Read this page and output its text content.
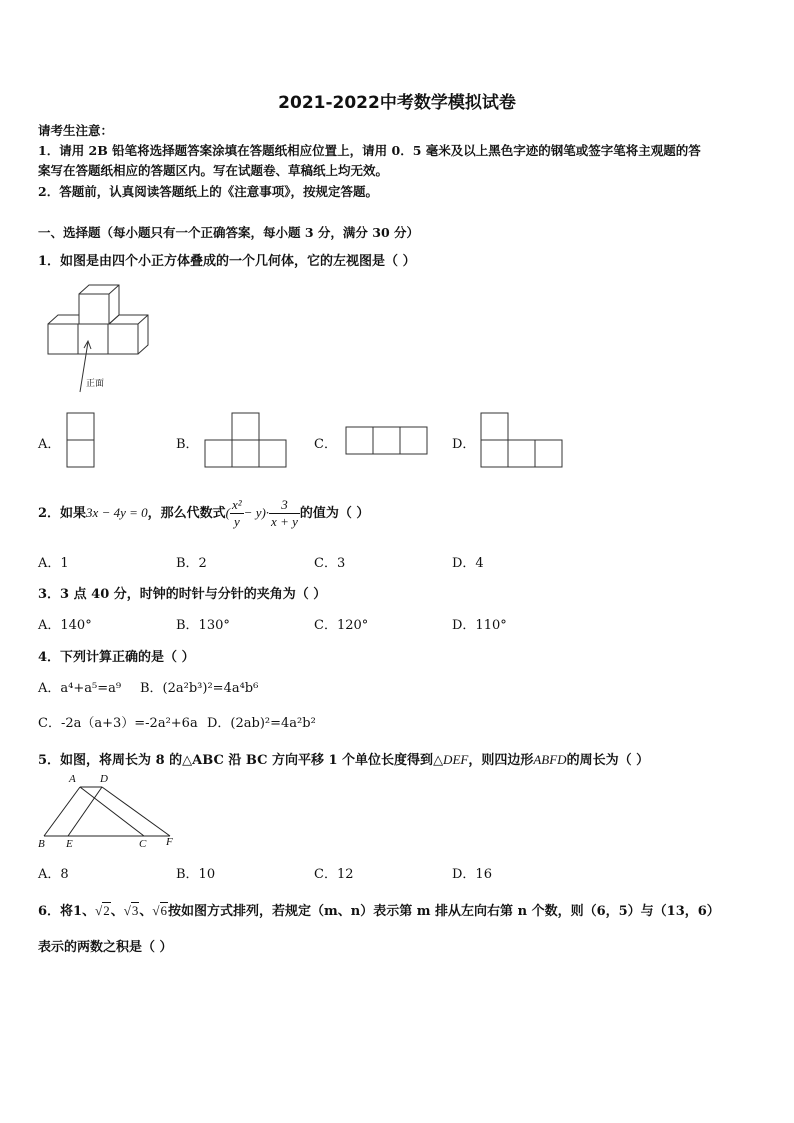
2021-2022中考数学模拟试卷
请考生注意：
1．请用 2B 铅笔将选择题答案涂填在答题纸相应位置上，请用 0．5 毫米及以上黑色字迹的钢笔或签字笔将主观题的答
案写在答题纸相应的答题区内。写在试题卷、草稿纸上均无效。
2．答题前，认真阅读答题纸上的《注意事项》，按规定答题。
一、选择题（每小题只有一个正确答案，每小题 3 分，满分 30 分）
1．如图是由四个小正方体叠成的一个几何体，它的左视图是（ ）
正面
A．	B．	C．	D．
2．如果3x − 4y = 0，那么代数式( $\frac{\text{x²}}{y} - y)\cdot \frac{3}{x + y}$ 的值为（ ）
A．1	B．2	C．3	D．4
3．3 点 40 分，时钟的时针与分针的夹角为（ ）
A．140°	B．130°	C．120°	D．110°
4．下列计算正确的是（ ）
A．a⁴+a⁵=a⁹ B．(2a²b³)²=4a⁴b⁶
C．-2a（a+3）=-2a²+6a D．(2ab)²=4a²b²
5．如图，将周长为 8 的△ABC 沿 BC 方向平移 1 个单位长度得到△DEF，则四边形ABFD的周长为（ ）
A D
B E	C F
A．8	B．10	C．12	D．16
6．将1、√2、√3、√6按如图方式排列，若规定（m、n）表示第 m 排从左向右第 n 个数，则（6，5）与（13，6）
表示的两数之积是（ ）
